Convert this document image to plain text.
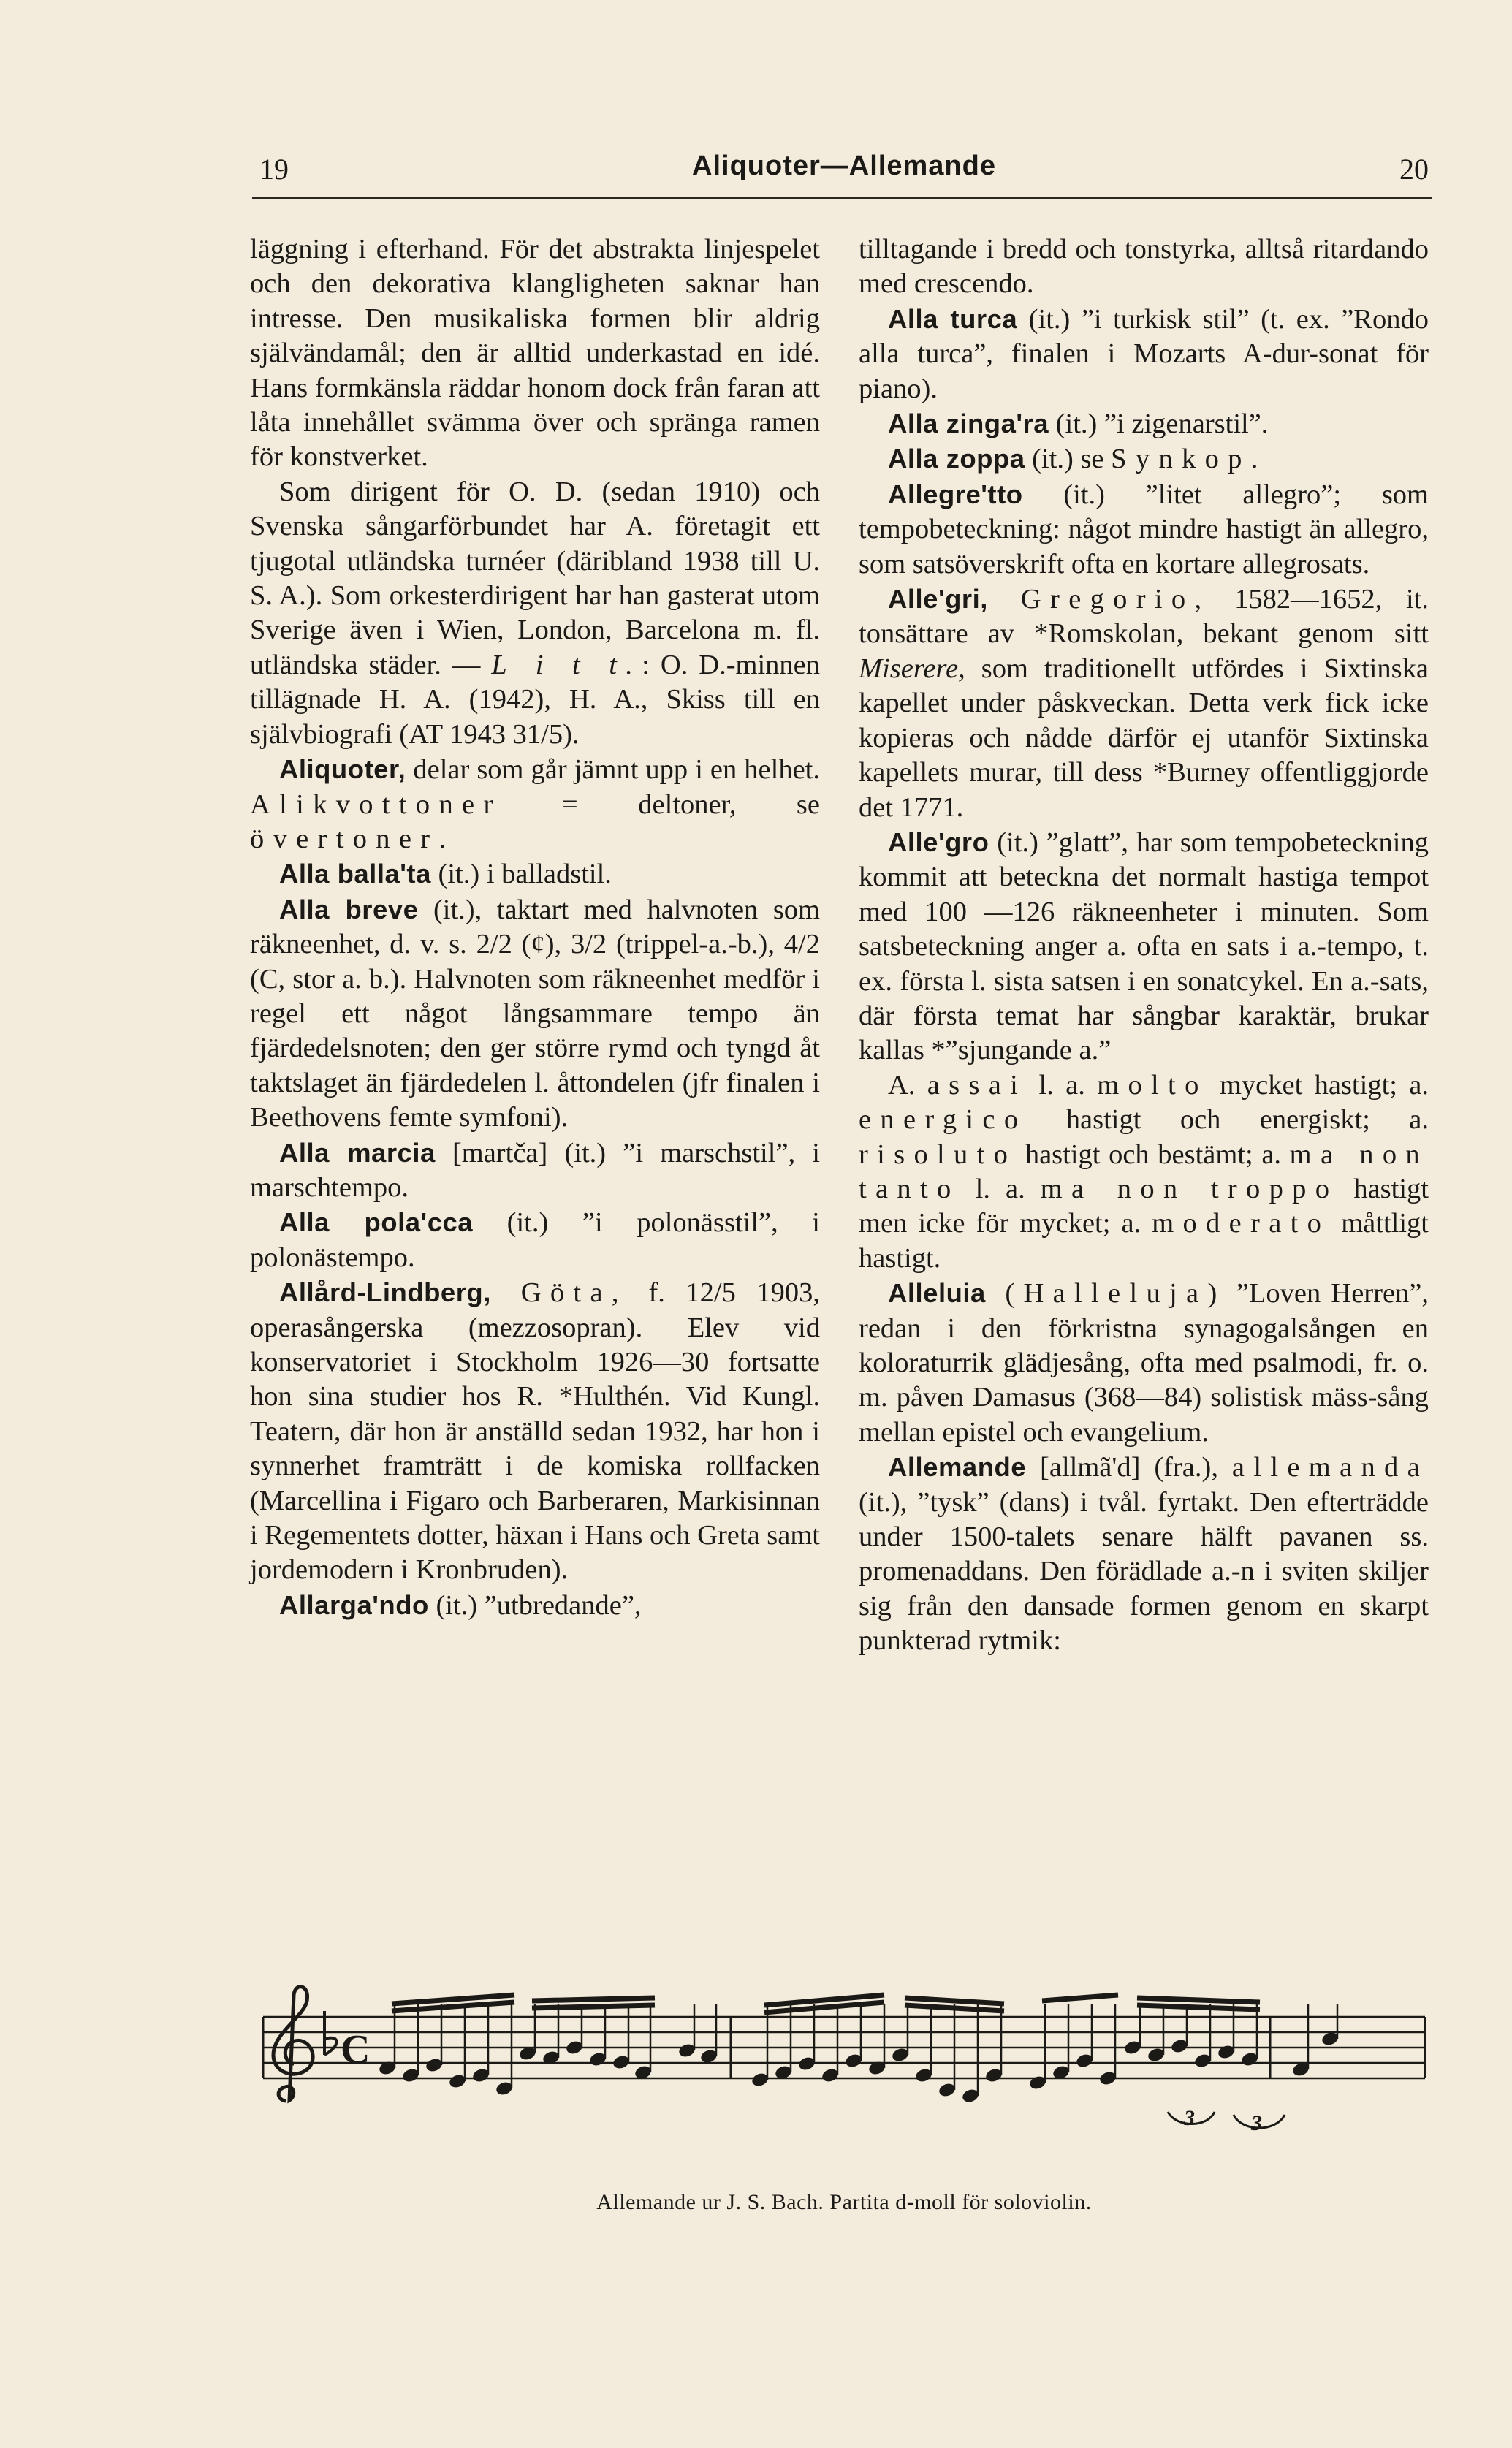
19	Aliquoter—Allemande	20

läggning i efterhand. För det abstrakta linjespelet och den dekorativa klangligheten saknar han intresse. Den musikaliska formen blir aldrig självändamål; den är alltid underkastad en idé. Hans formkänsla räddar honom dock från faran att låta innehållet svämma över och spränga ramen för konstverket.

Som dirigent för O. D. (sedan 1910) och Svenska sångarförbundet har A. företagit ett tjugotal utländska turnéer (däribland 1938 till U. S. A.). Som orkesterdirigent har han gasterat utom Sverige även i Wien, London, Barcelona m. fl. utländska städer. — L i t t.: O. D.-minnen tillägnade H. A. (1942), H. A., Skiss till en självbiografi (AT 1943 31/5).

Aliquoter, delar som går jämnt upp i en helhet. Alikvottoner = deltoner, se övertoner.

Alla balla'ta (it.) i balladstil.

Alla breve (it.), taktart med halvnoten som räkneenhet, d. v. s. 2/2 (¢), 3/2 (trippel-a.-b.), 4/2 (C, stor a. b.). Halvnoten som räkneenhet medför i regel ett något långsammare tempo än fjärdedelsnoten; den ger större rymd och tyngd åt taktslaget än fjärdedelen l. åttondelen (jfr finalen i Beethovens femte symfoni).

Alla marcia [martča] (it.) ”i marschstil”, i marschtempo.

Alla pola'cca (it.) ”i polonässtil”, i polonästempo.

Allård-Lindberg, Göta, f. 12/5 1903, operasångerska (mezzosopran). Elev vid konservatoriet i Stockholm 1926—30 fortsatte hon sina studier hos R. *Hulthén. Vid Kungl. Teatern, där hon är anställd sedan 1932, har hon i synnerhet framträtt i de komiska rollfacken (Marcellina i Figaro och Barberaren, Markisinnan i Regementets dotter, häxan i Hans och Greta samt jordemodern i Kronbruden).

Allarga'ndo (it.) ”utbredande”,

tilltagande i bredd och tonstyrka, alltså ritardando med crescendo.

Alla turca (it.) ”i turkisk stil” (t. ex. ”Rondo alla turca”, finalen i Mozarts A-dur-sonat för piano).

Alla zinga'ra (it.) ”i zigenarstil”.

Alla zoppa (it.) se Synkop.

Allegre'tto (it.) ”litet allegro”; som tempobeteckning: något mindre hastigt än allegro, som satsöverskrift ofta en kortare allegrosats.

Alle'gri, Gregorio, 1582—1652, it. tonsättare av *Romskolan, bekant genom sitt Miserere, som traditionellt utfördes i Sixtinska kapellet under påskveckan. Detta verk fick icke kopieras och nådde därför ej utanför Sixtinska kapellets murar, till dess *Burney offentliggjorde det 1771.

Alle'gro (it.) ”glatt”, har som tempobeteckning kommit att beteckna det normalt hastiga tempot med 100 —126 räkneenheter i minuten. Som satsbeteckning anger a. ofta en sats i a.-tempo, t. ex. första l. sista satsen i en sonatcykel. En a.-sats, där första temat har sångbar karaktär, brukar kallas *”sjungande a.”

A. assai l. a. molto mycket hastigt; a. energico hastigt och energiskt; a. risoluto hastigt och bestämt; a. ma non tanto l. a. ma non troppo hastigt men icke för mycket; a. moderato måttligt hastigt.

Alleluia (Halleluja) ”Loven Herren”, redan i den förkristna synagogalsången en koloraturrik glädjesång, ofta med psalmodi, fr. o. m. påven Damasus (368—84) solistisk mäss-sång mellan epistel och evangelium.

Allemande [allmã'd] (fra.), allemanda (it.), ”tysk” (dans) i tvål. fyrtakt. Den efterträdde under 1500-talets senare hälft pavanen ss. promenaddans. Den förädlade a.-n i sviten skiljer sig från den dansade formen genom en skarpt punkterad rytmik:

C
3	3
Allemande ur J. S. Bach. Partita d-moll för soloviolin.
